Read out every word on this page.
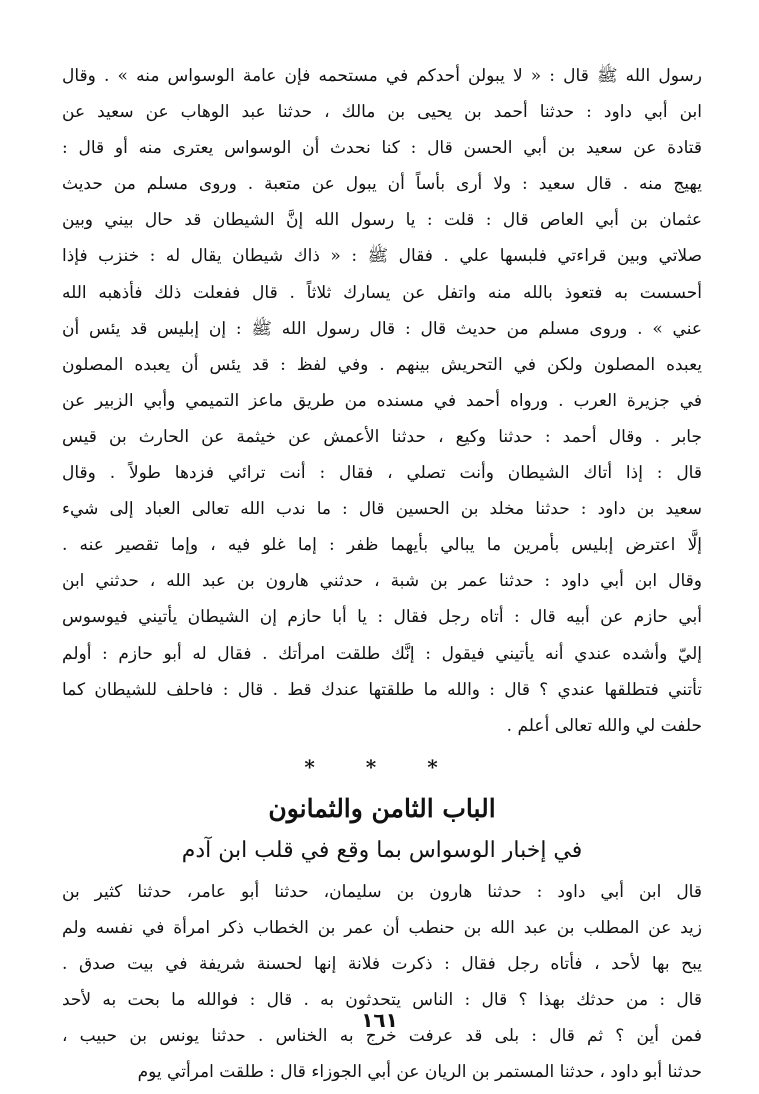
رسول الله ﷺ قال : « لا يبولن أحدكم في مستحمه فإن عامة الوسواس منه » . وقال
ابن أبي داود : حدثنا أحمد بن يحيى بن مالك ، حدثنا عبد الوهاب عن سعيد عن
قتادة عن سعيد بن أبي الحسن قال : كنا نحدث أن الوسواس يعترى منه أو قال :
يهيج منه . قال سعيد : ولا أرى بأساً أن يبول عن متعبة . وروى مسلم من حديث
عثمان بن أبي العاص قال : قلت : يا رسول الله إنَّ الشيطان قد حال بيني وبين
صلاتي وبين قراءتي فلبسها علي . فقال ﷺ : « ذاك شيطان يقال له : خنزب فإذا
أحسست به فتعوذ بالله منه واتفل عن يسارك ثلاثاً . قال ففعلت ذلك فأذهبه الله
عني » . وروى مسلم من حديث قال : قال رسول الله ﷺ : إن إبليس قد يئس أن
يعبده المصلون ولكن في التحريش بينهم . وفي لفظ : قد يئس أن يعبده المصلون
في جزيرة العرب . ورواه أحمد في مسنده من طريق ماعز التميمي وأبي الزبير عن
جابر . وقال أحمد : حدثنا وكيع ، حدثنا الأعمش عن خيثمة عن الحارث بن قيس
قال : إذا أتاك الشيطان وأنت تصلي ، فقال : أنت ترائي فزدها طولاً . وقال
سعيد بن داود : حدثنا مخلد بن الحسين قال : ما ندب الله تعالى العباد إلى شيء
إلَّا اعترض إبليس بأمرين ما يبالي بأيهما ظفر : إما غلو فيه ، وإما تقصير عنه .
وقال ابن أبي داود : حدثنا عمر بن شبة ، حدثني هارون بن عبد الله ، حدثني ابن
أبي حازم عن أبيه قال : أتاه رجل فقال : يا أبا حازم إن الشيطان يأتيني فيوسوس
إليّ وأشده عندي أنه يأتيني فيقول : إنَّك طلقت امرأتك . فقال له أبو حازم : أولم
تأتني فتطلقها عندي ؟ قال : والله ما طلقتها عندك قط . قال : فاحلف للشيطان كما
حلفت لي والله تعالى أعلم .
* * *
الباب الثامن والثمانون
في إخبار الوسواس بما وقع في قلب ابن آدم
قال ابن أبي داود : حدثنا هارون بن سليمان، حدثنا أبو عامر، حدثنا كثير بن
زيد عن المطلب بن عبد الله بن حنطب أن عمر بن الخطاب ذكر امرأة في نفسه ولم
يبح بها لأحد ، فأتاه رجل فقال : ذكرت فلانة إنها لحسنة شريفة في بيت صدق .
قال : من حدثك بهذا ؟ قال : الناس يتحدثون به . قال : فوالله ما بحت به لأحد
فمن أين ؟ ثم قال : بلى قد عرفت خرج به الخناس . حدثنا يونس بن حبيب ،
حدثنا أبو داود ، حدثنا المستمر بن الريان عن أبي الجوزاء قال : طلقت امرأتي يوم
١٦١
